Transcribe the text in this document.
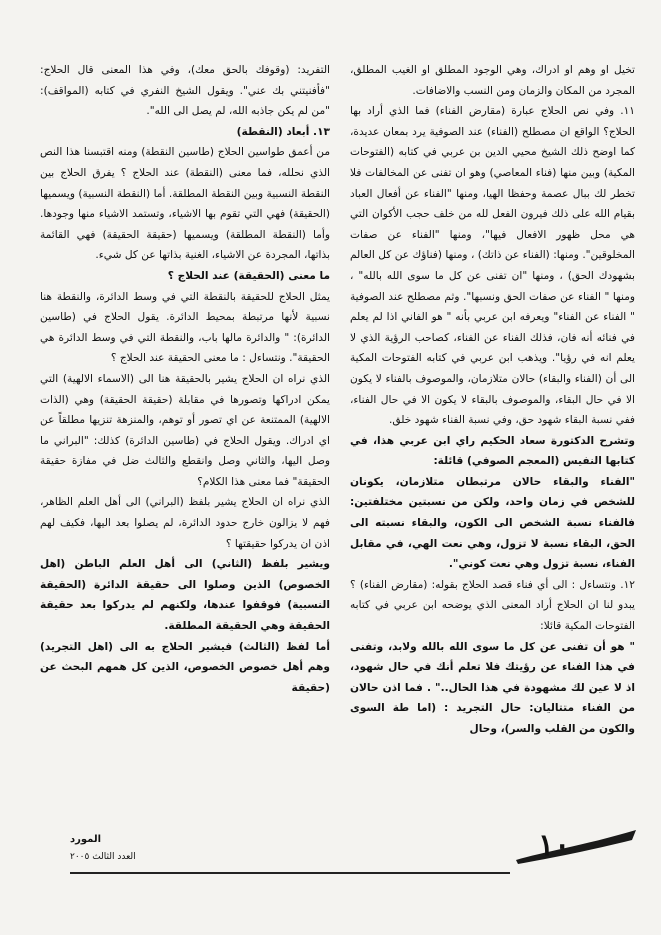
تخيل او وهم او ادراك، وهي الوجود المطلق او الغيب المطلق، المجرد من المكان والزمان ومن النسب والاضافات.

١١. وفي نص الحلاج عبارة (مقارض الفناء) فما الذي أراد بها الحلاج؟ الواقع ان مصطلح (الفناء) عند الصوفية يرد بمعان عديدة، كما اوضح ذلك الشيخ محيي الدين بن عربي في كتابه (الفتوحات المكية) وبين منها (فناء المعاصي) وهو ان تفنى عن المخالفات فلا تخطر لك ببال عصمة وحفظا الهيا، ومنها "الفناء عن أفعال العباد بقيام الله على ذلك فيرون الفعل لله من خلف حجب الأكوان التي هي محل ظهور الافعال فيها"، ومنها "الفناء عن صفات المخلوقين". ومنها: (الفناء عن ذاتك) ، ومنها (فناؤك عن كل العالم بشهودك الحق) ، ومنها "ان تفنى عن كل ما سوى الله بالله" ، ومنها " الفناء عن صفات الحق ونسبها". وثم مصطلح عند الصوفية " الفناء عن الفناء" ويعرفه ابن عربي بأنه " هو الفاني اذا لم يعلم في فنائه أنه فان، فذلك الفناء عن الفناء، كصاحب الرؤية الذي لا يعلم انه في رؤيا". ويذهب ابن عربي في كتابه الفتوحات المكية الى أن (الفناء والبقاء) حالان متلازمان، والموصوف بالفناء لا يكون الا في حال البقاء، والموصوف بالبقاء لا يكون الا في حال الفناء، ففي نسبة البقاء شهود حق، وفي نسبة الفناء شهود خلق.

وتشرح الدكتورة سعاد الحكيم راي ابن عربي هذا، في كتابها النفيس (المعجم الصوفي) قائلة:

"الفناء والبقاء حالان مرتبطان متلازمان، يكونان للشخص في زمان واحد، ولكن من نسبتين مختلفتين: فالفناء نسبة الشخص الى الكون، والبقاء نسبته الى الحق، البقاء نسبة لا تزول، وهي نعت الهي، في مقابل الفناء، نسبة تزول وهي نعت كوني".

١٢. ونتساءل : الى أي فناء قصد الحلاج بقوله: (مقارض الفناء) ؟ يبدو لنا ان الحلاج أراد المعنى الذي يوضحه ابن عربي في كتابه الفتوحات المكية قائلا:

" هو أن تفنى عن كل ما سوى الله بالله ولابد، وتفنى في هذا الفناء عن رؤيتك فلا تعلم أنك في حال شهود، اذ لا عين لك مشهودة في هذا الحال.." . فما اذن حالان من الفناء متتاليان: حال التجريد : (اما طة السوى والكون من القلب والسر)، وحال

التفريد: (وقوفك بالحق معك)، وفي هذا المعنى قال الحلاج: "فأفنيتني بك عني". ويقول الشيخ النفري في كتابه (المواقف): "من لم يكن جاذبه الله، لم يصل الى الله".

١٣. أبعاد (النقطة)

من أعمق طواسين الحلاج (طاسين النقطة) ومنه اقتبسنا هذا النص الذي نحلله، فما معنى (النقطة) عند الحلاج ؟ يفرق الحلاج بين النقطة النسبية وبين النقطة المطلقة. أما (النقطة النسبية) ويسميها (الحقيقة) فهي التي تقوم بها الاشياء، وتستمد الاشياء منها وجودها. وأما (النقطة المطلقة) ويسميها (حقيقة الحقيقة) فهي القائمة بذاتها، المجردة عن الاشياء، الغنية بذاتها عن كل شيء.

ما معنى (الحقيقة) عند الحلاج ؟

يمثل الحلاج للحقيقة بالنقطة التي في وسط الدائرة، والنقطة هنا نسبية لأنها مرتبطة بمحيط الدائرة. يقول الحلاج في (طاسين الدائرة): " والدائرة مالها باب، والنقطة التي في وسط الدائرة هي الحقيقة". ونتساءل : ما معنى الحقيقة عند الحلاج ؟

الذي نراه ان الحلاج يشير بالحقيقة هنا الى (الاسماء الالهية) التي يمكن ادراكها وتصورها في مقابلة (حقيقة الحقيقة) وهي (الذات الالهية) الممتنعة عن اي تصور أو توهم، والمنزهة تنزيها مطلقاً عن اي ادراك. ويقول الحلاج في (طاسين الدائرة) كذلك: "البراني ما وصل اليها، والثاني وصل وانقطع والثالث ضل في مفازة حقيقة الحقيقة" فما معنى هذا الكلام؟

الذي نراه ان الحلاج يشير بلفظ (البراني) الى أهل العلم الظاهر، فهم لا يزالون خارج حدود الدائرة، لم يصلوا بعد اليها، فكيف لهم اذن ان يدركوا حقيقتها ؟

ويشير بلفظ (الثاني) الى أهل العلم الباطن (اهل الخصوص) الذين وصلوا الى حقيقة الدائرة (الحقيقة النسبية) فوقفوا عندها، ولكنهم لم يدركوا بعد حقيقة الحقيقة وهي الحقيقة المطلقة.

أما لفظ (الثالث) فيشير الحلاج به الى (اهل التجريد) وهم أهل خصوص الخصوص، الذين كل همهم البحث عن (حقيقة

١٠
المورد
العدد الثالث ٢٠٠٥
